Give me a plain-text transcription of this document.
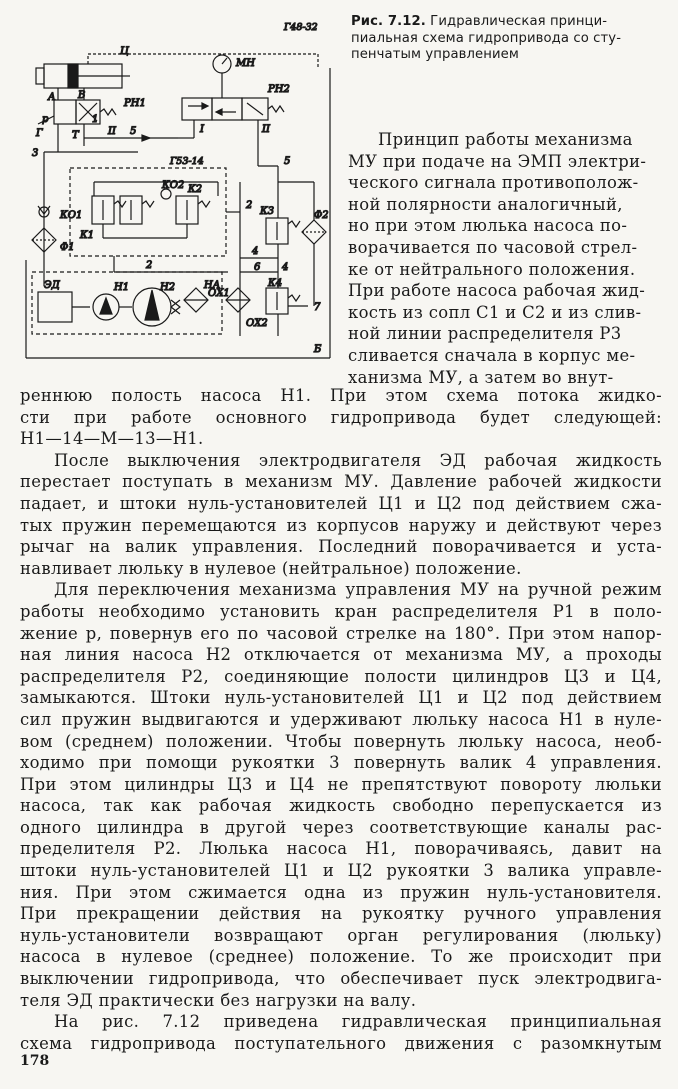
Г48-32
Ц
А В
РН1
р
Г	Т	II
1
5
МН
РН2
I	II
3
5
КО1
Ф1
Г53-14
КО2
К1
К2
2
К3	Ф2
4
6 4
2
НА
ОХ1
ОХ2
К4
7
ЭД	Н1	Н2
Б
Рис. 7.12. Гидравлическая принци-
пиальная схема гидропривода со сту-
пенчатым управлением
Принцип работы механизма
МУ при подаче на ЭМП электри-
ческого сигнала противополож-
ной полярности аналогичный,
но при этом люлька насоса по-
ворачивается по часовой стрел-
ке от нейтрального положения.
При работе насоса рабочая жид-
кость из сопл С1 и С2 и из слив-
ной линии распределителя Р3
сливается сначала в корпус ме-
ханизма МУ, а затем во внут-
реннюю полость насоса Н1. При этом схема потока жидко-
сти при работе основного гидропривода будет следующей:
Н1—14—М—13—Н1.
После выключения электродвигателя ЭД рабочая жидкость
перестает поступать в механизм МУ. Давление рабочей жидкости
падает, и штоки нуль-установителей Ц1 и Ц2 под действием сжа-
тых пружин перемещаются из корпусов наружу и действуют через
рычаг на валик управления. Последний поворачивается и уста-
навливает люльку в нулевое (нейтральное) положение.
Для переключения механизма управления МУ на ручной режим
работы необходимо установить кран распределителя Р1 в поло-
жение р, повернув его по часовой стрелке на 180°. При этом напор-
ная линия насоса Н2 отключается от механизма МУ, а проходы
распределителя Р2, соединяющие полости цилиндров Ц3 и Ц4,
замыкаются. Штоки нуль-установителей Ц1 и Ц2 под действием
сил пружин выдвигаются и удерживают люльку насоса Н1 в нуле-
вом (среднем) положении. Чтобы повернуть люльку насоса, необ-
ходимо при помощи рукоятки 3 повернуть валик 4 управления.
При этом цилиндры Ц3 и Ц4 не препятствуют повороту люльки
насоса, так как рабочая жидкость свободно перепускается из
одного цилиндра в другой через соответствующие каналы рас-
пределителя Р2. Люлька насоса Н1, поворачиваясь, давит на
штоки нуль-установителей Ц1 и Ц2 рукоятки 3 валика управле-
ния. При этом сжимается одна из пружин нуль-установителя.
При прекращении действия на рукоятку ручного управления
нуль-установители возвращают орган регулирования (люльку)
насоса в нулевое (среднее) положение. То же происходит при
выключении гидропривода, что обеспечивает пуск электродвига-
теля ЭД практически без нагрузки на валу.
На рис. 7.12 приведена гидравлическая принципиальная
схема гидропривода поступательного движения с разомкнутым
178
